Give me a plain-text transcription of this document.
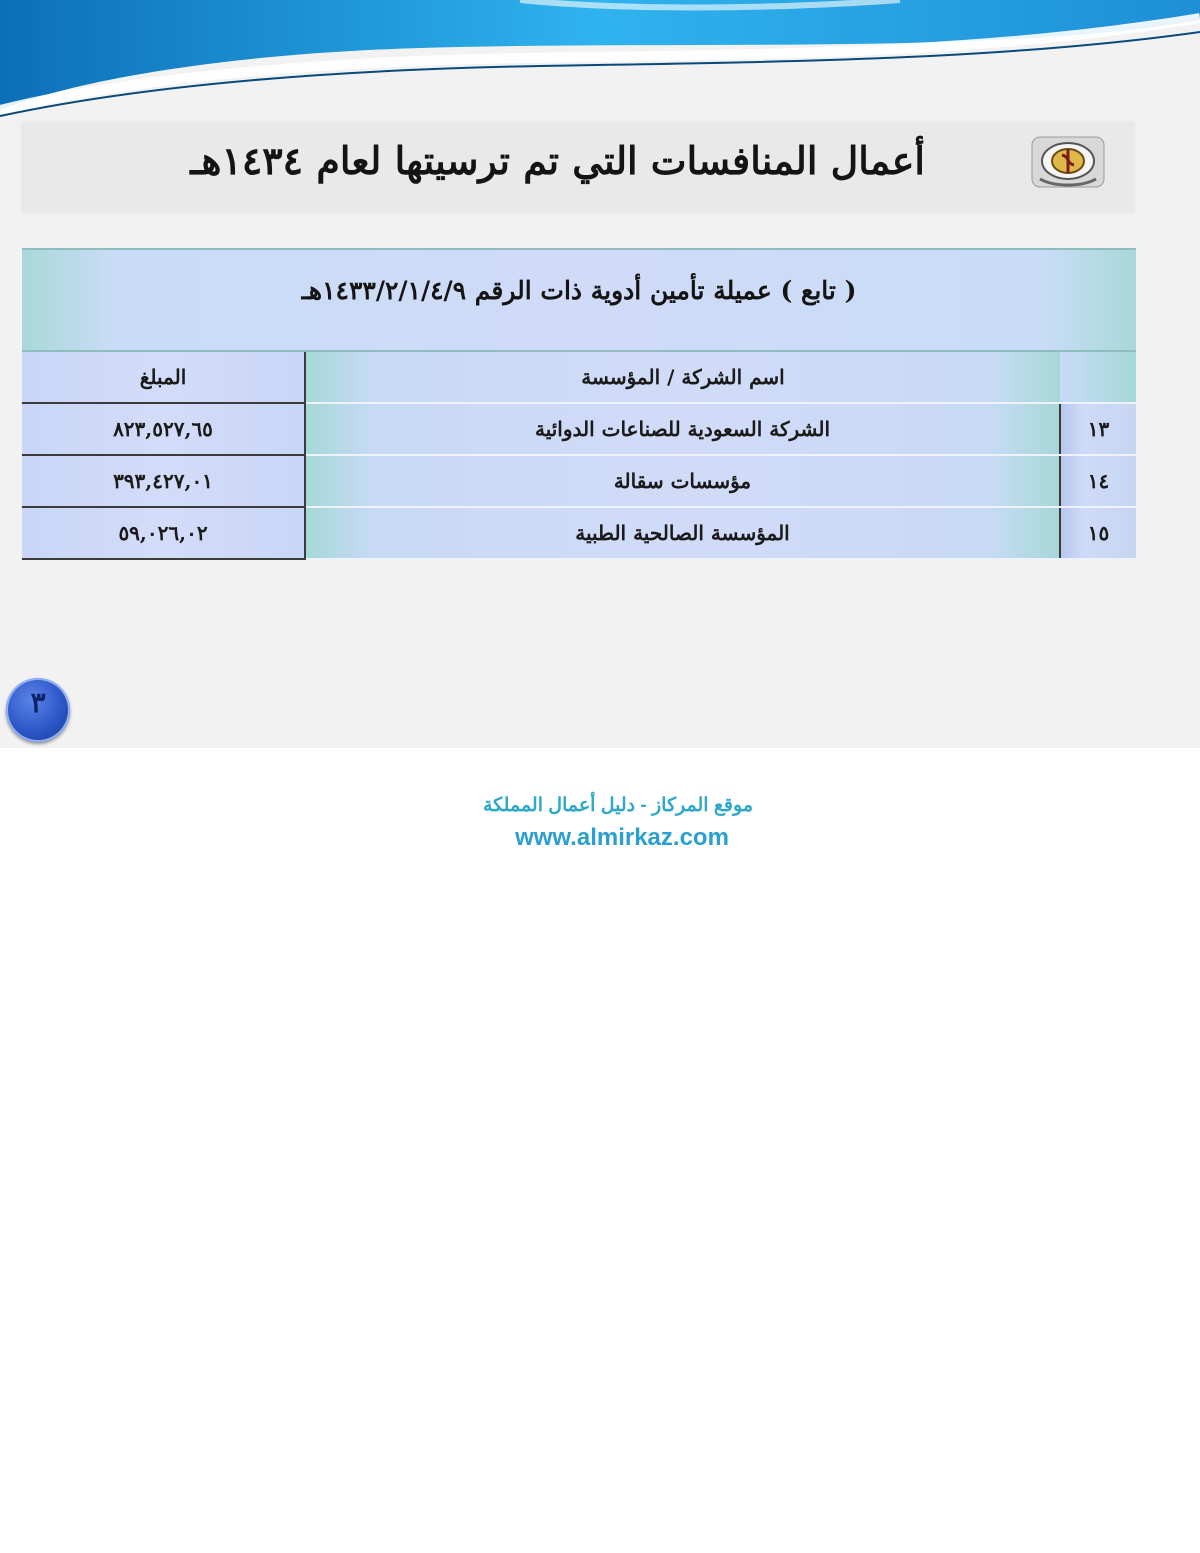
أعمال المنافسات التي تم ترسيتها لعام ١٤٣٤هـ
( تابع ) عميلة تأمين أدوية ذات الرقم ١٤٣٣/٢/١/٤/٩هـ
المبلغ	اسم الشركة / المؤسسة	
٨٢٣,٥٢٧,٦٥	الشركة السعودية للصناعات الدوائية	١٣
٣٩٣,٤٢٧,٠١	مؤسسات سقالة	١٤
٥٩,٠٢٦,٠٢	المؤسسة الصالحية الطبية	١٥
٣
موقع المركاز - دليل أعمال المملكة
www.almirkaz.com
